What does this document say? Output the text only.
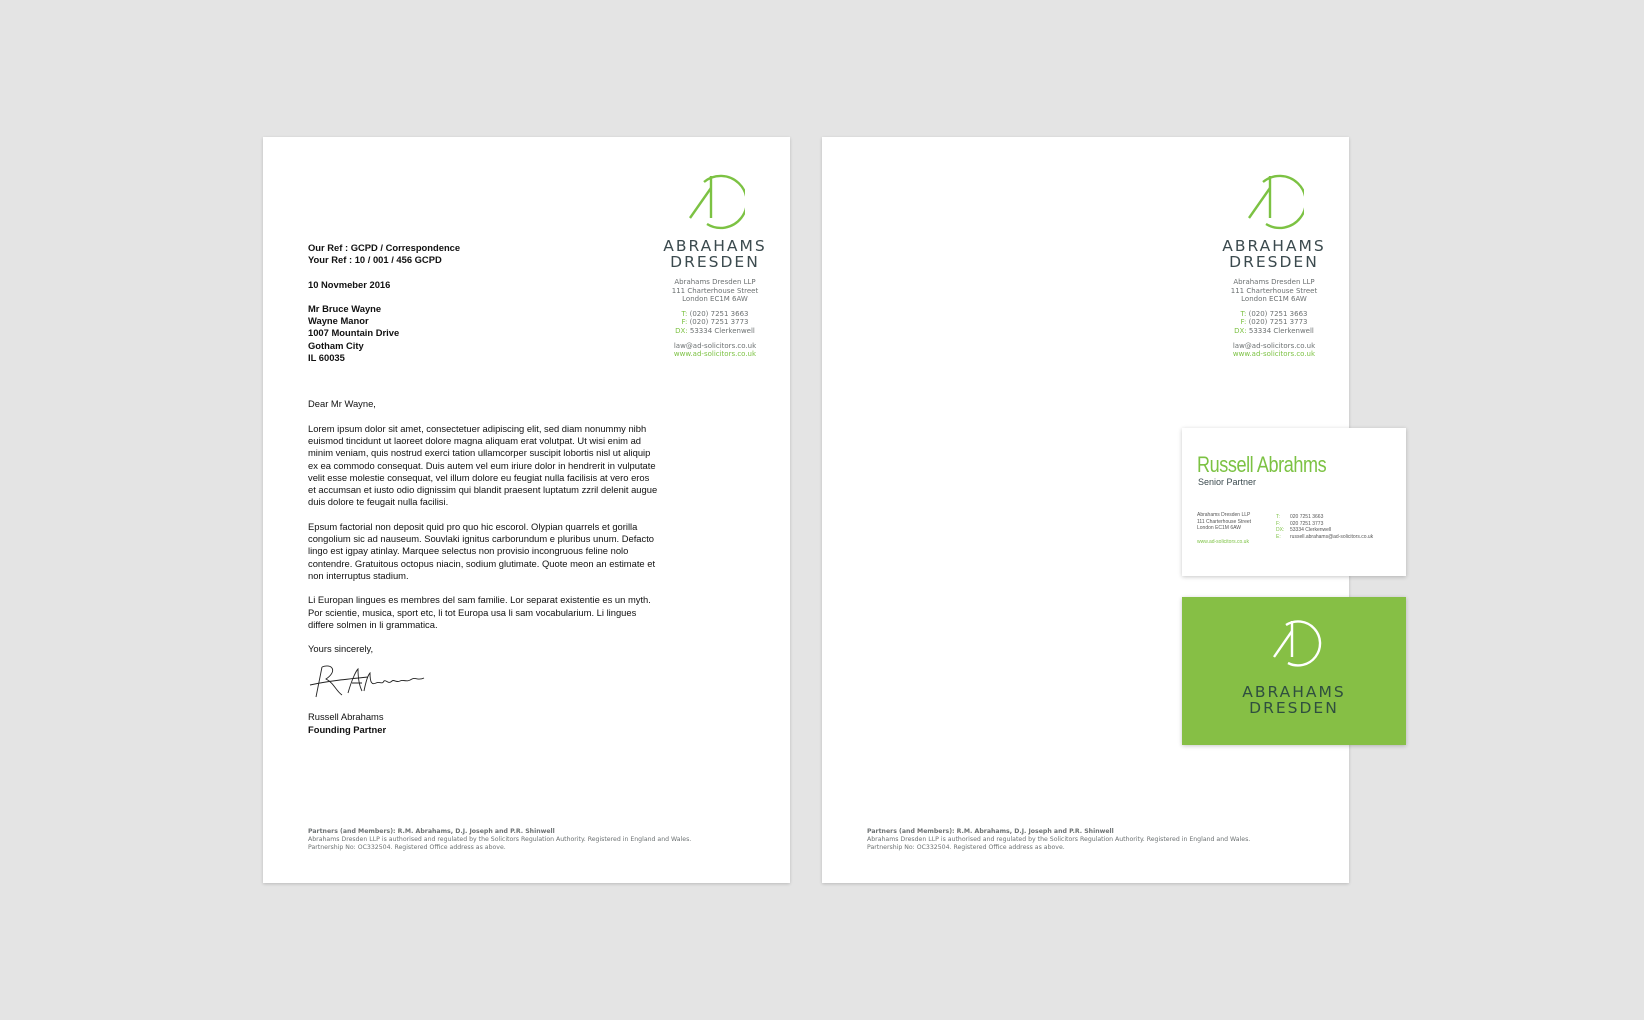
ABRAHAMS
DRESDEN
Abrahams Dresden LLP
111 Charterhouse Street
London EC1M 6AW
T: (020) 7251 3663
F: (020) 7251 3773
DX: 53334 Clerkenwell
law@ad-solicitors.co.uk
www.ad-solicitors.co.uk

Our Ref : GCPD / Correspondence

Your Ref : 10 / 001 / 456 GCPD

10 Novmeber 2016

Mr Bruce Wayne

Wayne Manor

1007 Mountain Drive

Gotham City

IL 60035

Dear Mr Wayne,

Lorem ipsum dolor sit amet, consectetuer adipiscing elit, sed diam nonummy nibh euismod tincidunt ut laoreet dolore magna aliquam erat volutpat. Ut wisi enim ad minim veniam, quis nostrud exerci tation ullamcorper suscipit lobortis nisl ut aliquip ex ea commodo consequat. Duis autem vel eum iriure dolor in hendrerit in vulputate velit esse molestie consequat, vel illum dolore eu feugiat nulla facilisis at vero eros et accumsan et iusto odio dignissim qui blandit praesent luptatum zzril delenit augue duis dolore te feugait nulla facilisi.

Epsum factorial non deposit quid pro quo hic escorol. Olypian quarrels et gorilla congolium sic ad nauseum. Souvlaki ignitus carborundum e pluribus unum. Defacto lingo est igpay atinlay. Marquee selectus non provisio incongruous feline nolo contendre. Gratuitous octopus niacin, sodium glutimate. Quote meon an estimate et non interruptus stadium.

Li Europan lingues es membres del sam familie. Lor separat existentie es un myth. Por scientie, musica, sport etc, li tot Europa usa li sam vocabularium. Li lingues differe solmen in li grammatica.

Yours sincerely,

Russell Abrahams

Founding Partner

Partners (and Members): R.M. Abrahams, D.J. Joseph and P.R. Shinwell
Abrahams Dresden LLP is authorised and regulated by the Solicitors Regulation Authority. Registered in England and Wales.
Partnership No: OC332504. Registered Office address as above.
ABRAHAMS
DRESDEN
Abrahams Dresden LLP
111 Charterhouse Street
London EC1M 6AW
T: (020) 7251 3663
F: (020) 7251 3773
DX: 53334 Clerkenwell
law@ad-solicitors.co.uk
www.ad-solicitors.co.uk
Partners (and Members): R.M. Abrahams, D.J. Joseph and P.R. Shinwell
Abrahams Dresden LLP is authorised and regulated by the Solicitors Regulation Authority. Registered in England and Wales.
Partnership No: OC332504. Registered Office address as above.
Russell Abrahms
Senior Partner
Abrahams Dresden LLP
111 Charterhouse Street
London EC1M 6AW
www.ad-solicitors.co.uk
T: 020 7251 3663
F: 020 7251 3773
DX: 53334 Clerkenwell
E: russell.abrahams@ad-solicitors.co.uk
ABRAHAMS
DRESDEN
